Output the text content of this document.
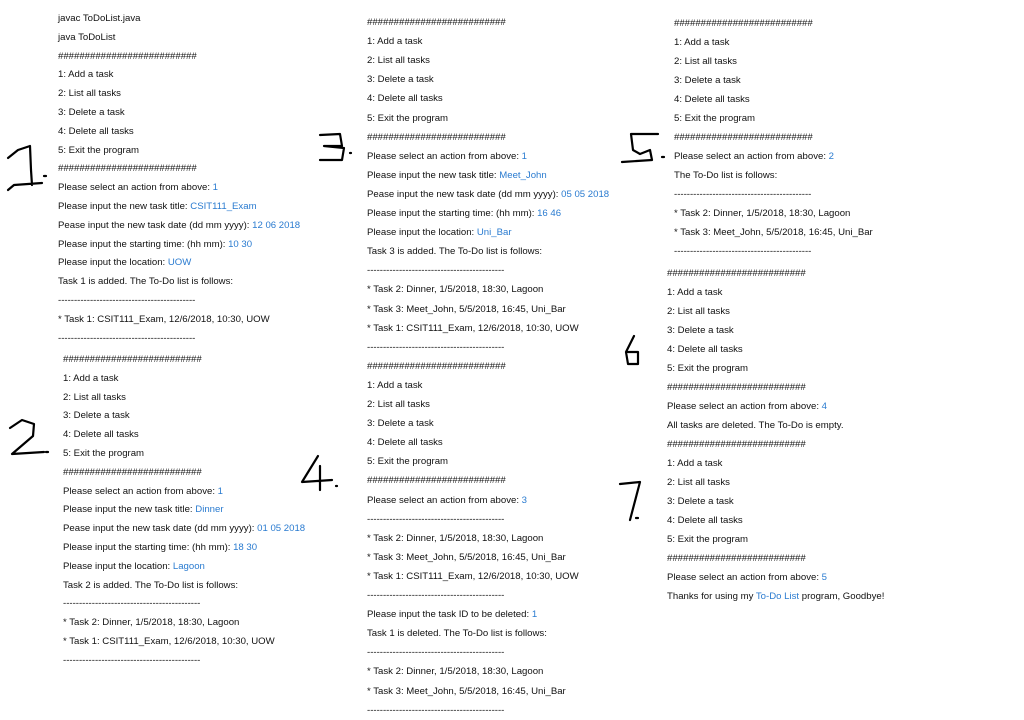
javac ToDoList.java
java ToDoList
##########################
1: Add a task
2: List all tasks
3: Delete a task
4: Delete all tasks
5: Exit the program
##########################
Please select an action from above: 1
Please input the new task title: CSIT111_Exam
Pease input the new task date (dd mm yyyy): 12 06 2018
Please input the starting time: (hh mm): 10 30
Please input the location: UOW
Task 1 is added. The To-Do list is follows:
-------------------------------------------
* Task 1: CSIT111_Exam, 12/6/2018, 10:30, UOW
-------------------------------------------
##########################
1: Add a task
2: List all tasks
3: Delete a task
4: Delete all tasks
5: Exit the program
##########################
Please select an action from above: 1
Please input the new task title: Dinner
Pease input the new task date (dd mm yyyy): 01 05 2018
Please input the starting time: (hh mm): 18 30
Please input the location: Lagoon
Task 2 is added. The To-Do list is follows:
-------------------------------------------
* Task 2: Dinner, 1/5/2018, 18:30, Lagoon
* Task 1: CSIT111_Exam, 12/6/2018, 10:30, UOW
-------------------------------------------
##########################
1: Add a task
2: List all tasks
3: Delete a task
4: Delete all tasks
5: Exit the program
##########################
Please select an action from above: 1
Please input the new task title: Meet_John
Pease input the new task date (dd mm yyyy): 05 05 2018
Please input the starting time: (hh mm): 16 46
Please input the location: Uni_Bar
Task 3 is added. The To-Do list is follows:
-------------------------------------------
* Task 2: Dinner, 1/5/2018, 18:30, Lagoon
* Task 3: Meet_John, 5/5/2018, 16:45, Uni_Bar
* Task 1: CSIT111_Exam, 12/6/2018, 10:30, UOW
-------------------------------------------
##########################
1: Add a task
2: List all tasks
3: Delete a task
4: Delete all tasks
5: Exit the program
##########################
Please select an action from above: 3
-------------------------------------------
* Task 2: Dinner, 1/5/2018, 18:30, Lagoon
* Task 3: Meet_John, 5/5/2018, 16:45, Uni_Bar
* Task 1: CSIT111_Exam, 12/6/2018, 10:30, UOW
-------------------------------------------
Please input the task ID to be deleted: 1
Task 1 is deleted. The To-Do list is follows:
-------------------------------------------
* Task 2: Dinner, 1/5/2018, 18:30, Lagoon
* Task 3: Meet_John, 5/5/2018, 16:45, Uni_Bar
-------------------------------------------
##########################
1: Add a task
2: List all tasks
3: Delete a task
4: Delete all tasks
5: Exit the program
##########################
Please select an action from above: 2
The To-Do list is follows:
-------------------------------------------
* Task 2: Dinner, 1/5/2018, 18:30, Lagoon
* Task 3: Meet_John, 5/5/2018, 16:45, Uni_Bar
-------------------------------------------
##########################
1: Add a task
2: List all tasks
3: Delete a task
4: Delete all tasks
5: Exit the program
##########################
Please select an action from above: 4
All tasks are deleted. The To-Do is empty.
##########################
1: Add a task
2: List all tasks
3: Delete a task
4: Delete all tasks
5: Exit the program
##########################
Please select an action from above: 5
Thanks for using my To-Do List program, Goodbye!
